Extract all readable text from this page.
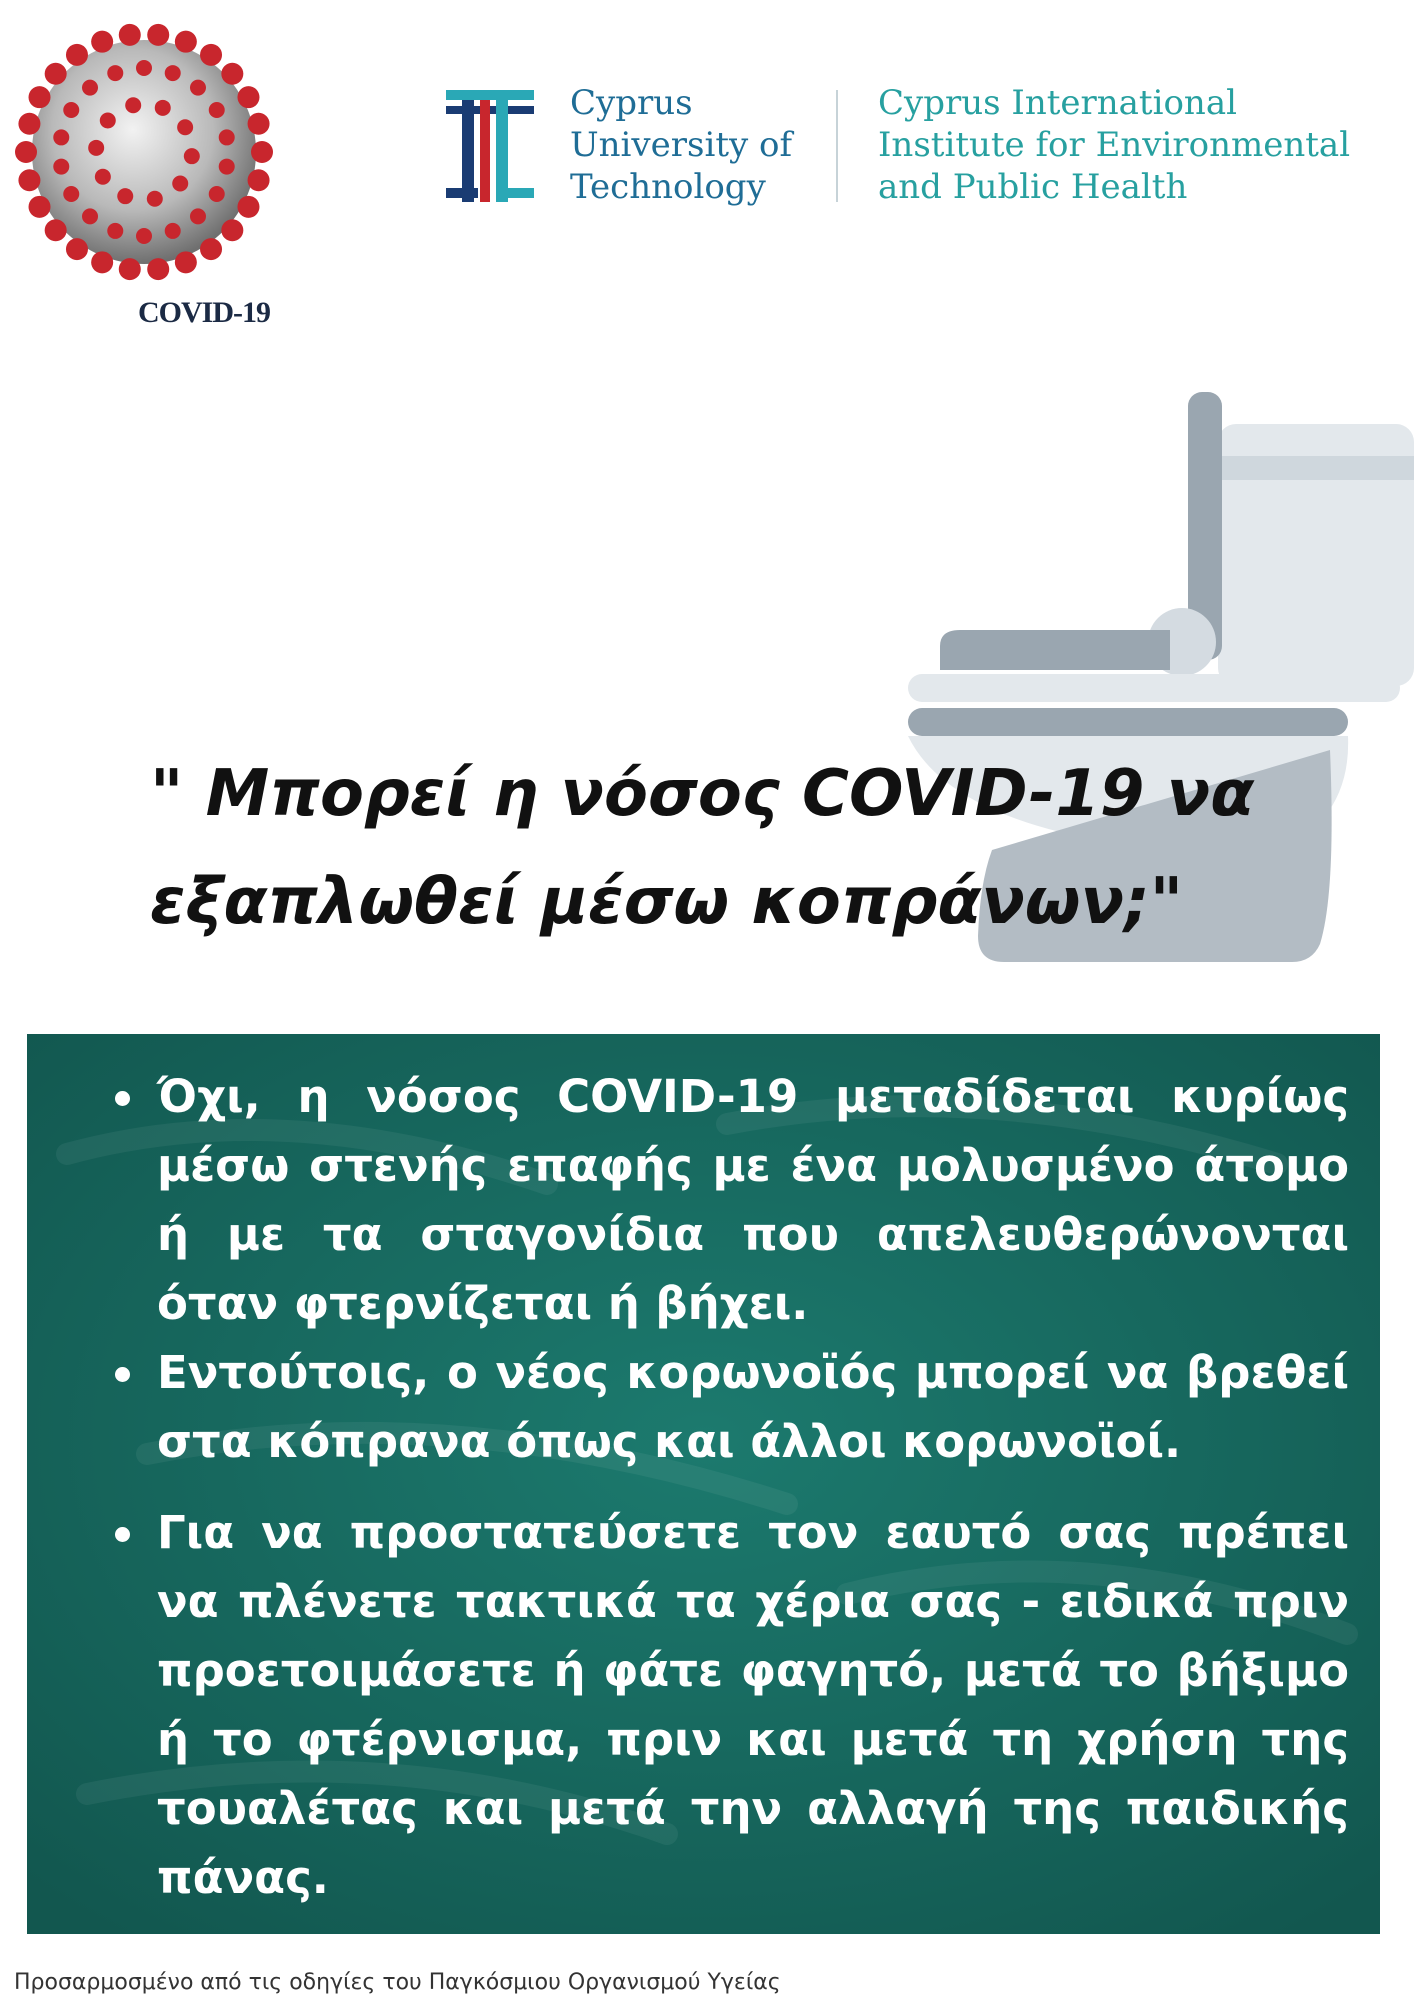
COVID-19
Cyprus
University of
Technology
Cyprus International
Institute for Environmental
and Public Health
" Μπορεί η νόσος COVID-19 να
εξαπλωθεί μέσω κοπράνων;"
Όχι, η νόσος COVID-19 μεταδίδεται κυρίως μέσω στενής επαφής με ένα μολυσμένο άτομο ή με τα σταγονίδια που απελευθερώνονται όταν φτερνίζεται ή βήχει.
Εντούτοις, ο νέος κορωνοϊός μπορεί να βρεθεί στα κόπρανα όπως και άλλοι κορωνοϊοί.
Για να προστατεύσετε τον εαυτό σας πρέπει να πλένετε τακτικά τα χέρια σας - ειδικά πριν προετοιμάσετε ή φάτε φαγητό, μετά το βήξιμο ή το φτέρνισμα, πριν και μετά τη χρήση της τουαλέτας και μετά την αλλαγή της παιδικής πάνας.
Προσαρμοσμένο από τις οδηγίες του Παγκόσμιου Οργανισμού Υγείας
